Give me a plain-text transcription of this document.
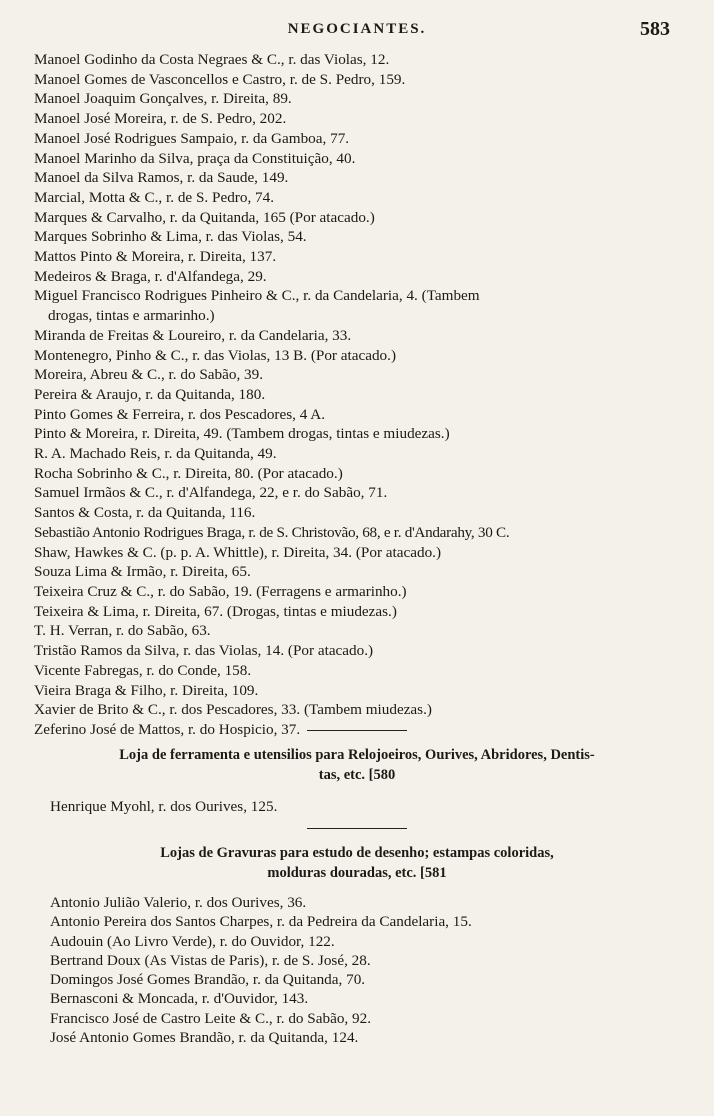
NEGOCIANTES.	583
Manoel Godinho da Costa Negraes & C., r. das Violas, 12.
Manoel Gomes de Vasconcellos e Castro, r. de S. Pedro, 159.
Manoel Joaquim Gonçalves, r. Direita, 89.
Manoel José Moreira, r. de S. Pedro, 202.
Manoel José Rodrigues Sampaio, r. da Gamboa, 77.
Manoel Marinho da Silva, praça da Constituição, 40.
Manoel da Silva Ramos, r. da Saude, 149.
Marcial, Motta & C., r. de S. Pedro, 74.
Marques & Carvalho, r. da Quitanda, 165 (Por atacado.)
Marques Sobrinho & Lima, r. das Violas, 54.
Mattos Pinto & Moreira, r. Direita, 137.
Medeiros & Braga, r. d'Alfandega, 29.
Miguel Francisco Rodrigues Pinheiro & C., r. da Candelaria, 4. (Tambem
drogas, tintas e armarinho.)
Miranda de Freitas & Loureiro, r. da Candelaria, 33.
Montenegro, Pinho & C., r. das Violas, 13 B. (Por atacado.)
Moreira, Abreu & C., r. do Sabão, 39.
Pereira & Araujo, r. da Quitanda, 180.
Pinto Gomes & Ferreira, r. dos Pescadores, 4 A.
Pinto & Moreira, r. Direita, 49. (Tambem drogas, tintas e miudezas.)
R. A. Machado Reis, r. da Quitanda, 49.
Rocha Sobrinho & C., r. Direita, 80. (Por atacado.)
Samuel Irmãos & C., r. d'Alfandega, 22, e r. do Sabão, 71.
Santos & Costa, r. da Quitanda, 116.
Sebastião Antonio Rodrigues Braga, r. de S. Christovão, 68, e r. d'Andarahy, 30 C.
Shaw, Hawkes & C. (p. p. A. Whittle), r. Direita, 34. (Por atacado.)
Souza Lima & Irmão, r. Direita, 65.
Teixeira Cruz & C., r. do Sabão, 19. (Ferragens e armarinho.)
Teixeira & Lima, r. Direita, 67. (Drogas, tintas e miudezas.)
T. H. Verran, r. do Sabão, 63.
Tristão Ramos da Silva, r. das Violas, 14. (Por atacado.)
Vicente Fabregas, r. do Conde, 158.
Vieira Braga & Filho, r. Direita, 109.
Xavier de Brito & C., r. dos Pescadores, 33. (Tambem miudezas.)
Zeferino José de Mattos, r. do Hospicio, 37.
Loja de ferramenta e utensilios para Relojoeiros, Ourives, Abridores, Dentis-
tas, etc. [580
Henrique Myohl, r. dos Ourives, 125.
Lojas de Gravuras para estudo de desenho; estampas coloridas,
molduras douradas, etc. [581
Antonio Julião Valerio, r. dos Ourives, 36.
Antonio Pereira dos Santos Charpes, r. da Pedreira da Candelaria, 15.
Audouin (Ao Livro Verde), r. do Ouvidor, 122.
Bertrand Doux (As Vistas de Paris), r. de S. José, 28.
Domingos José Gomes Brandão, r. da Quitanda, 70.
Bernasconi & Moncada, r. d'Ouvidor, 143.
Francisco José de Castro Leite & C., r. do Sabão, 92.
José Antonio Gomes Brandão, r. da Quitanda, 124.
